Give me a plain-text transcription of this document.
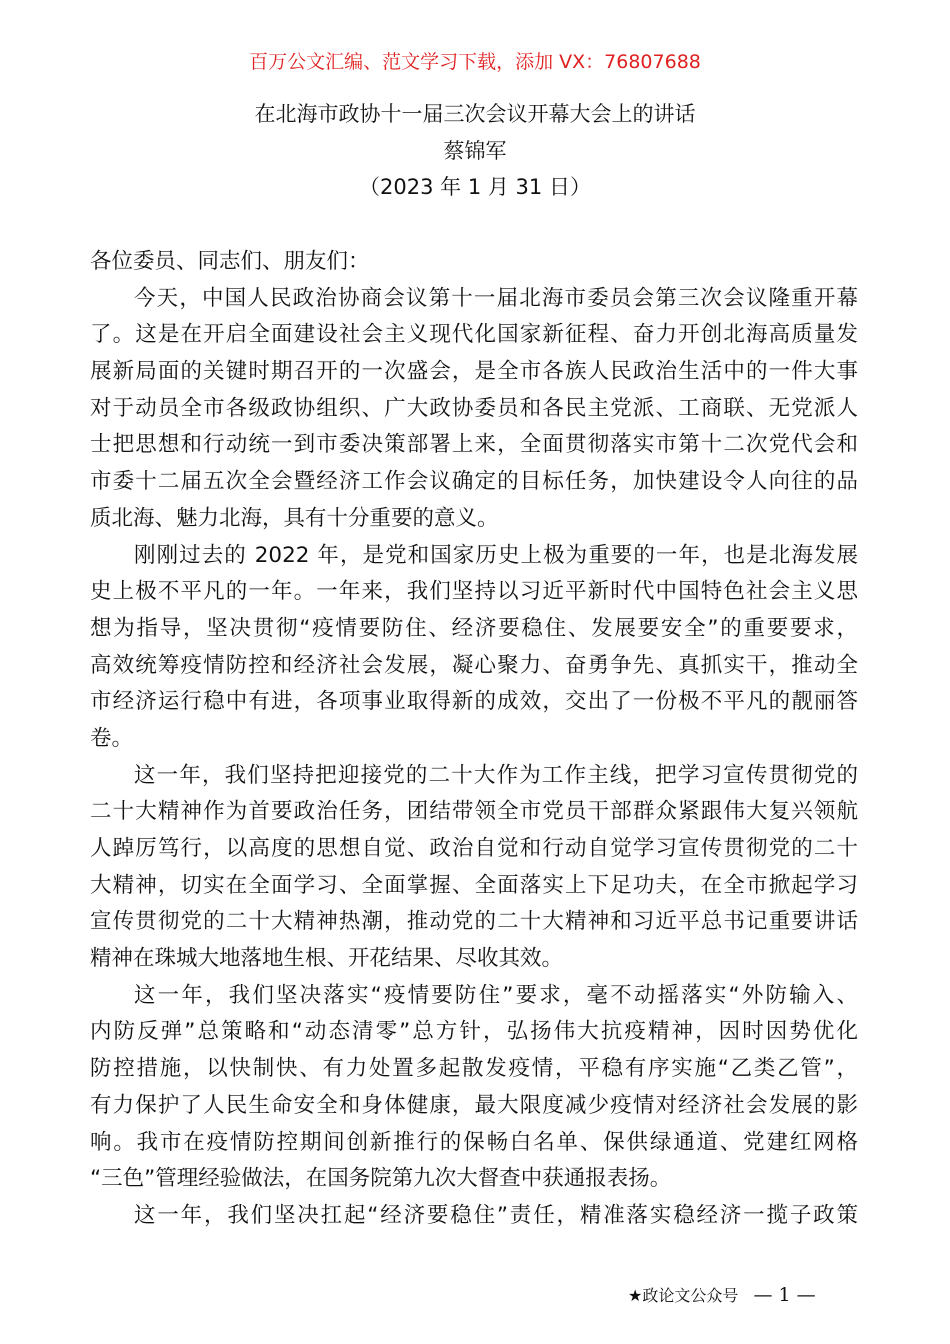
百万公文汇编、范文学习下载，添加 VX：76807688
在北海市政协十一届三次会议开幕大会上的讲话
蔡锦军
（2023 年 1 月 31 日）
各位委员、同志们、朋友们：
今天，中国人民政治协商会议第十一届北海市委员会第三次会议隆重开幕
了。这是在开启全面建设社会主义现代化国家新征程、奋力开创北海高质量发
展新局面的关键时期召开的一次盛会，是全市各族人民政治生活中的一件大事
对于动员全市各级政协组织、广大政协委员和各民主党派、工商联、无党派人
士把思想和行动统一到市委决策部署上来，全面贯彻落实市第十二次党代会和
市委十二届五次全会暨经济工作会议确定的目标任务，加快建设令人向往的品
质北海、魅力北海，具有十分重要的意义。
刚刚过去的 2022 年，是党和国家历史上极为重要的一年，也是北海发展
史上极不平凡的一年。一年来，我们坚持以习近平新时代中国特色社会主义思
想为指导，坚决贯彻“疫情要防住、经济要稳住、发展要安全”的重要要求，
高效统筹疫情防控和经济社会发展，凝心聚力、奋勇争先、真抓实干，推动全
市经济运行稳中有进，各项事业取得新的成效，交出了一份极不平凡的靓丽答
卷。
这一年，我们坚持把迎接党的二十大作为工作主线，把学习宣传贯彻党的
二十大精神作为首要政治任务，团结带领全市党员干部群众紧跟伟大复兴领航
人踔厉笃行，以高度的思想自觉、政治自觉和行动自觉学习宣传贯彻党的二十
大精神，切实在全面学习、全面掌握、全面落实上下足功夫，在全市掀起学习
宣传贯彻党的二十大精神热潮，推动党的二十大精神和习近平总书记重要讲话
精神在珠城大地落地生根、开花结果、尽收其效。
这一年，我们坚决落实“疫情要防住”要求，毫不动摇落实“外防输入、
内防反弹”总策略和“动态清零”总方针，弘扬伟大抗疫精神，因时因势优化
防控措施，以快制快、有力处置多起散发疫情，平稳有序实施“乙类乙管”，
有力保护了人民生命安全和身体健康，最大限度减少疫情对经济社会发展的影
响。我市在疫情防控期间创新推行的保畅白名单、保供绿通道、党建红网格
“三色”管理经验做法，在国务院第九次大督查中获通报表扬。
这一年，我们坚决扛起“经济要稳住”责任，精准落实稳经济一揽子政策
★政论文公众号 — 1 —
